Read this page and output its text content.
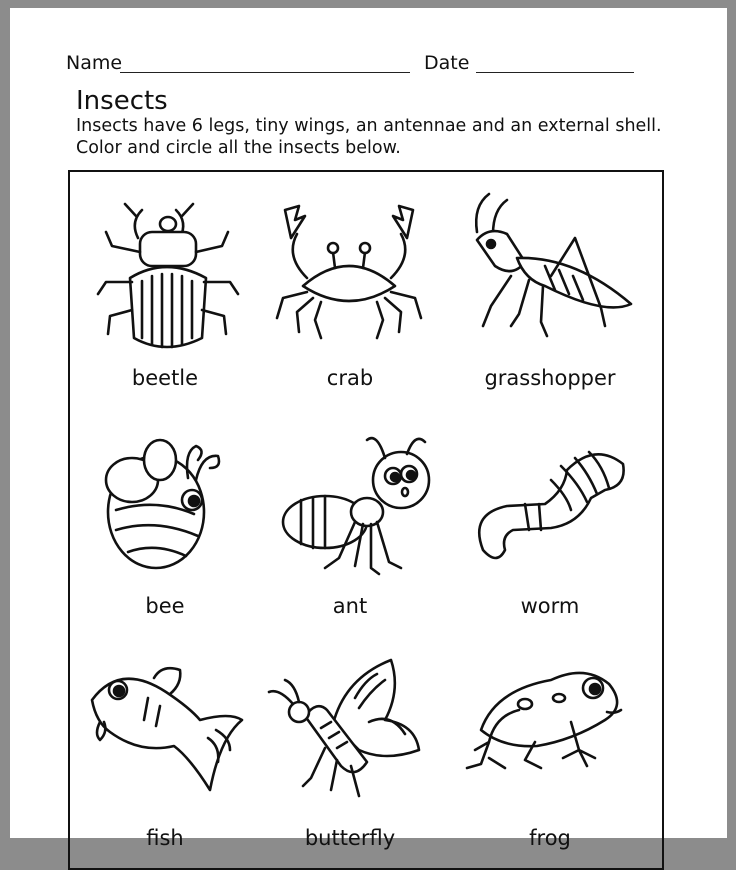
Name	Date
Insects
Insects have 6 legs, tiny wings, an antennae and an external shell.
Color and circle all the insects below.
beetle	crab	grasshopper
bee	ant	worm
fish	butterfly	frog
